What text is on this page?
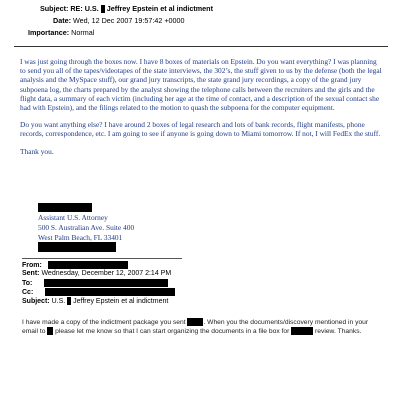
Subject: RE: U.S. Jeffrey Epstein et al indictment
Date: Wed, 12 Dec 2007 19:57:42 +0000
Importance: Normal

I was just going through the boxes now. I have 8 boxes of materials on Epstein. Do you want everything? I was planning to send you all of the tapes/videotapes of the state interviews, the 302’s, the stuff given to us by the defense (both the legal analysis and the MySpace stuff), our grand jury transcripts, the state grand jury recordings, a copy of the grand jury subpoena log, the charts prepared by the analyst showing the telephone calls between the recruiters and the girls and the flight data, a summary of each victim (including her age at the time of contact, and a description of the sexual contact she had with Epstein), and the filings related to the motion to quash the subpoena for the computer equipment.

Do you want anything else? I have around 2 boxes of legal research and lots of bank records, flight manifests, phone records, correspondence, etc. I am going to see if anyone is going down to Miami tomorrow. If not, I will FedEx the stuff.

Thank you.

Assistant U.S. Attorney
500 S. Australian Ave. Suite 400
West Palm Beach, FL 33401
From:
Sent: Wednesday, December 12, 2007 2:14 PM
To:
Cc:
Subject: U.S. Jeffrey Epstein et al indictment
I have made a copy of the indictment package you sent	. When you the documents/discovery mentioned in your email to  please let me know so that I can start organizing the documents in a file box for	review. Thanks.
